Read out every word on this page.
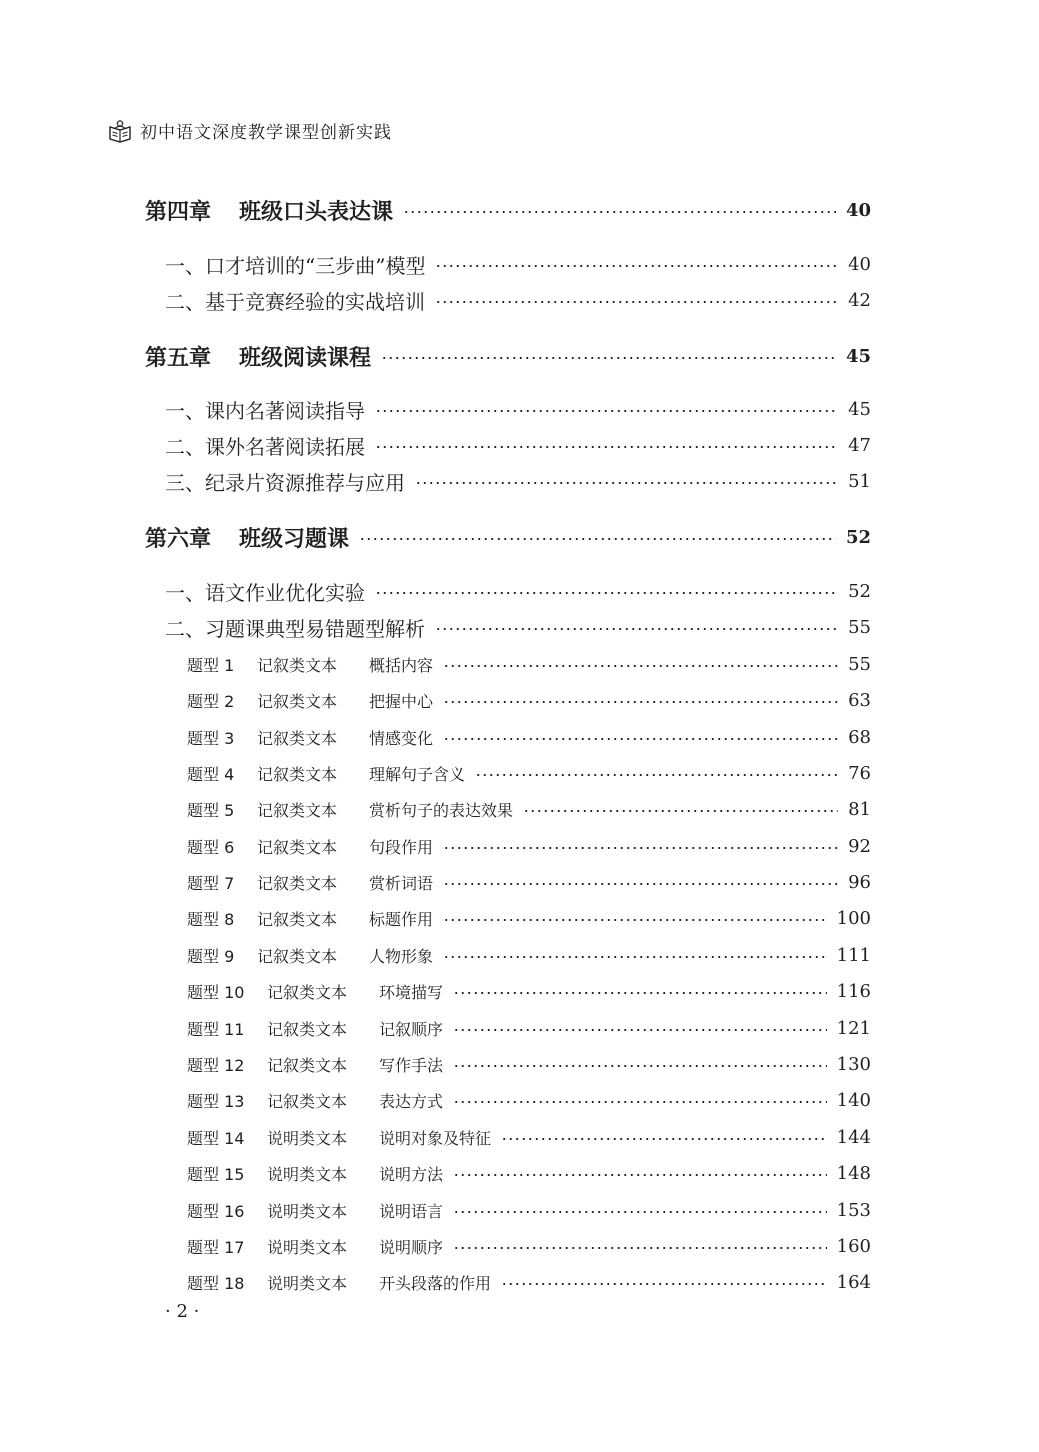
初中语文深度教学课型创新实践
第四章 班级口头表达课	40
一、口才培训的“三步曲”模型	40
二、基于竞赛经验的实战培训	42
第五章 班级阅读课程	45
一、课内名著阅读指导	45
二、课外名著阅读拓展	47
三、纪录片资源推荐与应用	51
第六章 班级习题课	52
一、语文作业优化实验	52
二、习题课典型易错题型解析	55
题型 1 记叙类文本 概括内容	55
题型 2 记叙类文本 把握中心	63
题型 3 记叙类文本 情感变化	68
题型 4 记叙类文本 理解句子含义	76
题型 5 记叙类文本 赏析句子的表达效果	81
题型 6 记叙类文本 句段作用	92
题型 7 记叙类文本 赏析词语	96
题型 8 记叙类文本 标题作用	100
题型 9 记叙类文本 人物形象	111
题型 10 记叙类文本 环境描写	116
题型 11 记叙类文本 记叙顺序	121
题型 12 记叙类文本 写作手法	130
题型 13 记叙类文本 表达方式	140
题型 14 说明类文本 说明对象及特征	144
题型 15 说明类文本 说明方法	148
题型 16 说明类文本 说明语言	153
题型 17 说明类文本 说明顺序	160
题型 18 说明类文本 开头段落的作用	164
· 2 ·
